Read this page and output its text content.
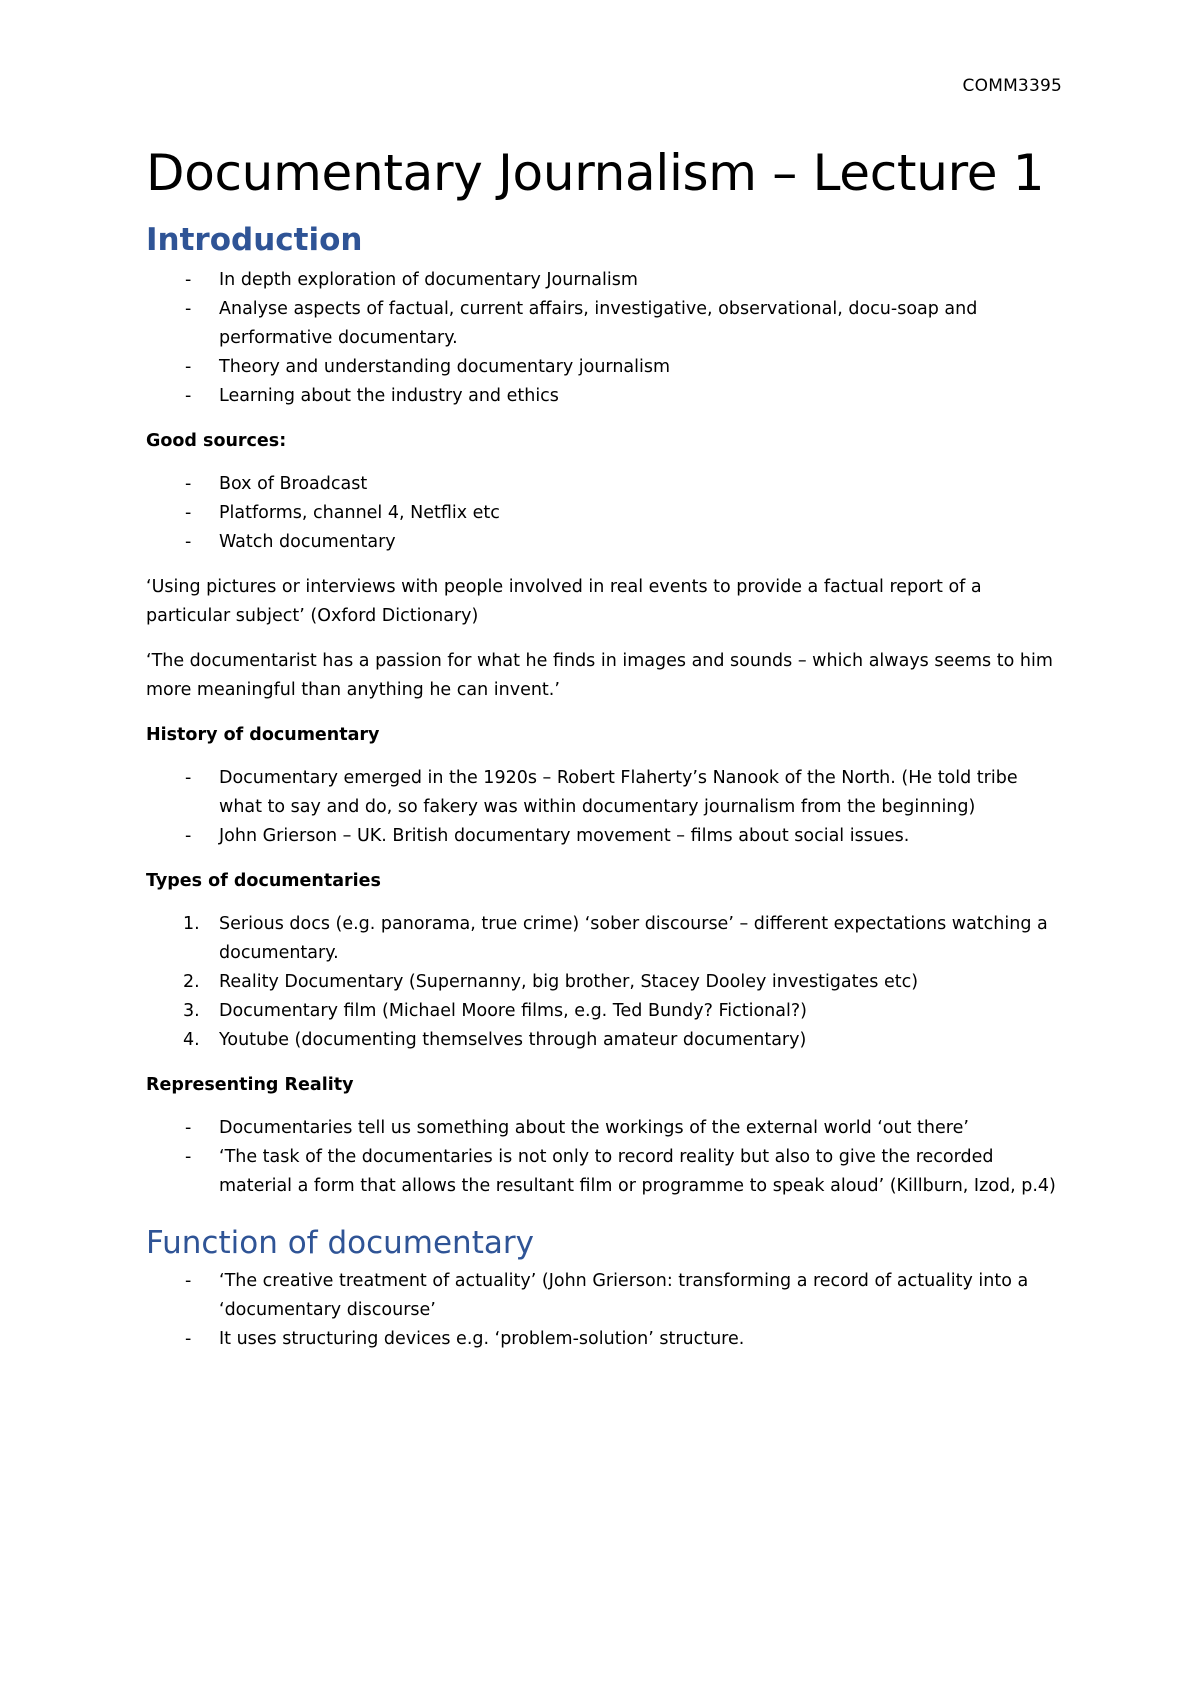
COMM3395
Documentary Journalism – Lecture 1
Introduction
- In depth exploration of documentary Journalism
- Analyse aspects of factual, current affairs, investigative, observational, docu-soap and performative documentary.
- Theory and understanding documentary journalism
- Learning about the industry and ethics
Good sources:
- Box of Broadcast
- Platforms, channel 4, Netflix etc
- Watch documentary

‘Using pictures or interviews with people involved in real events to provide a factual report of a particular subject’ (Oxford Dictionary)

‘The documentarist has a passion for what he finds in images and sounds – which always seems to him more meaningful than anything he can invent.’

History of documentary
- Documentary emerged in the 1920s – Robert Flaherty’s Nanook of the North. (He told tribe what to say and do, so fakery was within documentary journalism from the beginning)
- John Grierson – UK. British documentary movement – films about social issues.
Types of documentaries
1. Serious docs (e.g. panorama, true crime) ‘sober discourse’ – different expectations watching a documentary.
2. Reality Documentary (Supernanny, big brother, Stacey Dooley investigates etc)
3. Documentary film (Michael Moore films, e.g. Ted Bundy? Fictional?)
4. Youtube (documenting themselves through amateur documentary)
Representing Reality
- Documentaries tell us something about the workings of the external world ‘out there’
- ‘The task of the documentaries is not only to record reality but also to give the recorded material a form that allows the resultant film or programme to speak aloud’ (Killburn, Izod, p.4)
Function of documentary
- ‘The creative treatment of actuality’ (John Grierson: transforming a record of actuality into a ‘documentary discourse’
- It uses structuring devices e.g. ‘problem-solution’ structure.
